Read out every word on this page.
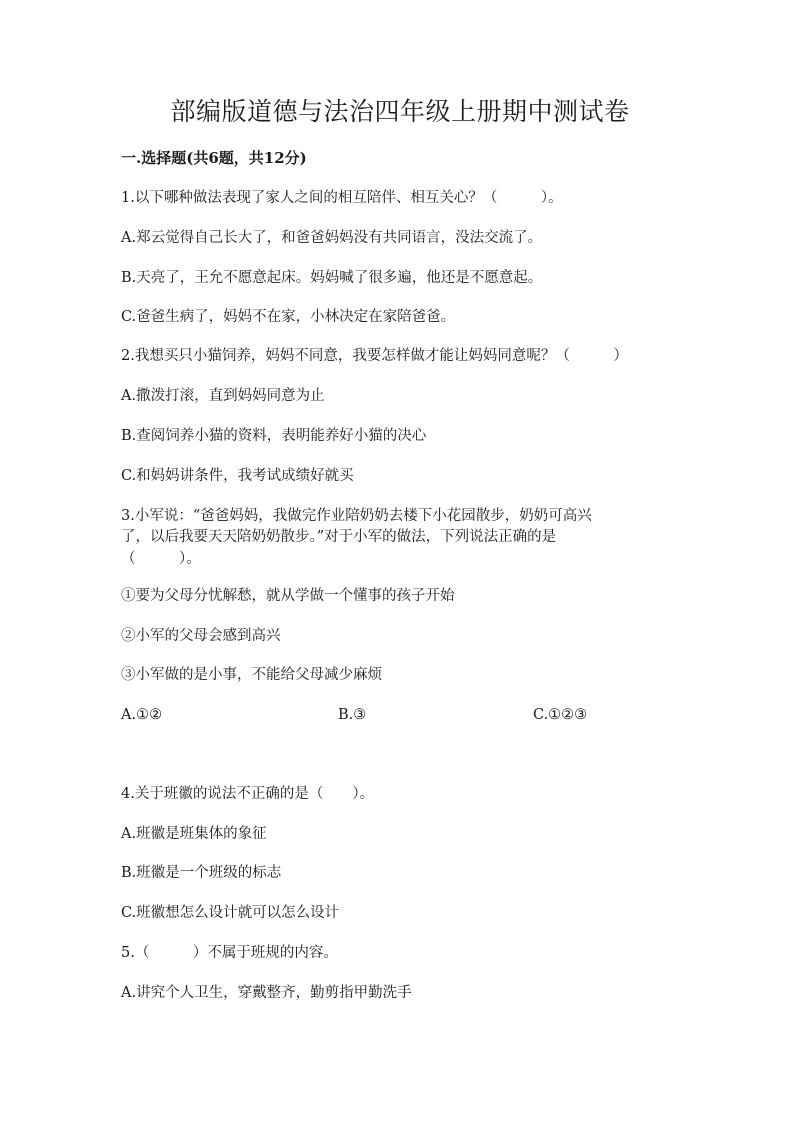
部编版道德与法治四年级上册期中测试卷
一.选择题(共6题，共12分)
1.以下哪种做法表现了家人之间的相互陪伴、相互关心？（　　　）。
A.郑云觉得自己长大了，和爸爸妈妈没有共同语言，没法交流了。
B.天亮了，王允不愿意起床。妈妈喊了很多遍，他还是不愿意起。
C.爸爸生病了，妈妈不在家，小林决定在家陪爸爸。
2.我想买只小猫饲养，妈妈不同意，我要怎样做才能让妈妈同意呢？（　　　）
A.撒泼打滚，直到妈妈同意为止
B.查阅饲养小猫的资料，表明能养好小猫的决心
C.和妈妈讲条件，我考试成绩好就买
3.小军说：“爸爸妈妈，我做完作业陪奶奶去楼下小花园散步，奶奶可高兴
了，以后我要天天陪奶奶散步。”对于小军的做法，下列说法正确的是
（　　　）。
①要为父母分忧解愁，就从学做一个懂事的孩子开始
②小军的父母会感到高兴
③小军做的是小事，不能给父母减少麻烦
A.①②	B.③	C.①②③
4.关于班徽的说法不正确的是（　　）。
A.班徽是班集体的象征
B.班徽是一个班级的标志
C.班徽想怎么设计就可以怎么设计
5.（　　　）不属于班规的内容。
A.讲究个人卫生，穿戴整齐，勤剪指甲勤洗手
